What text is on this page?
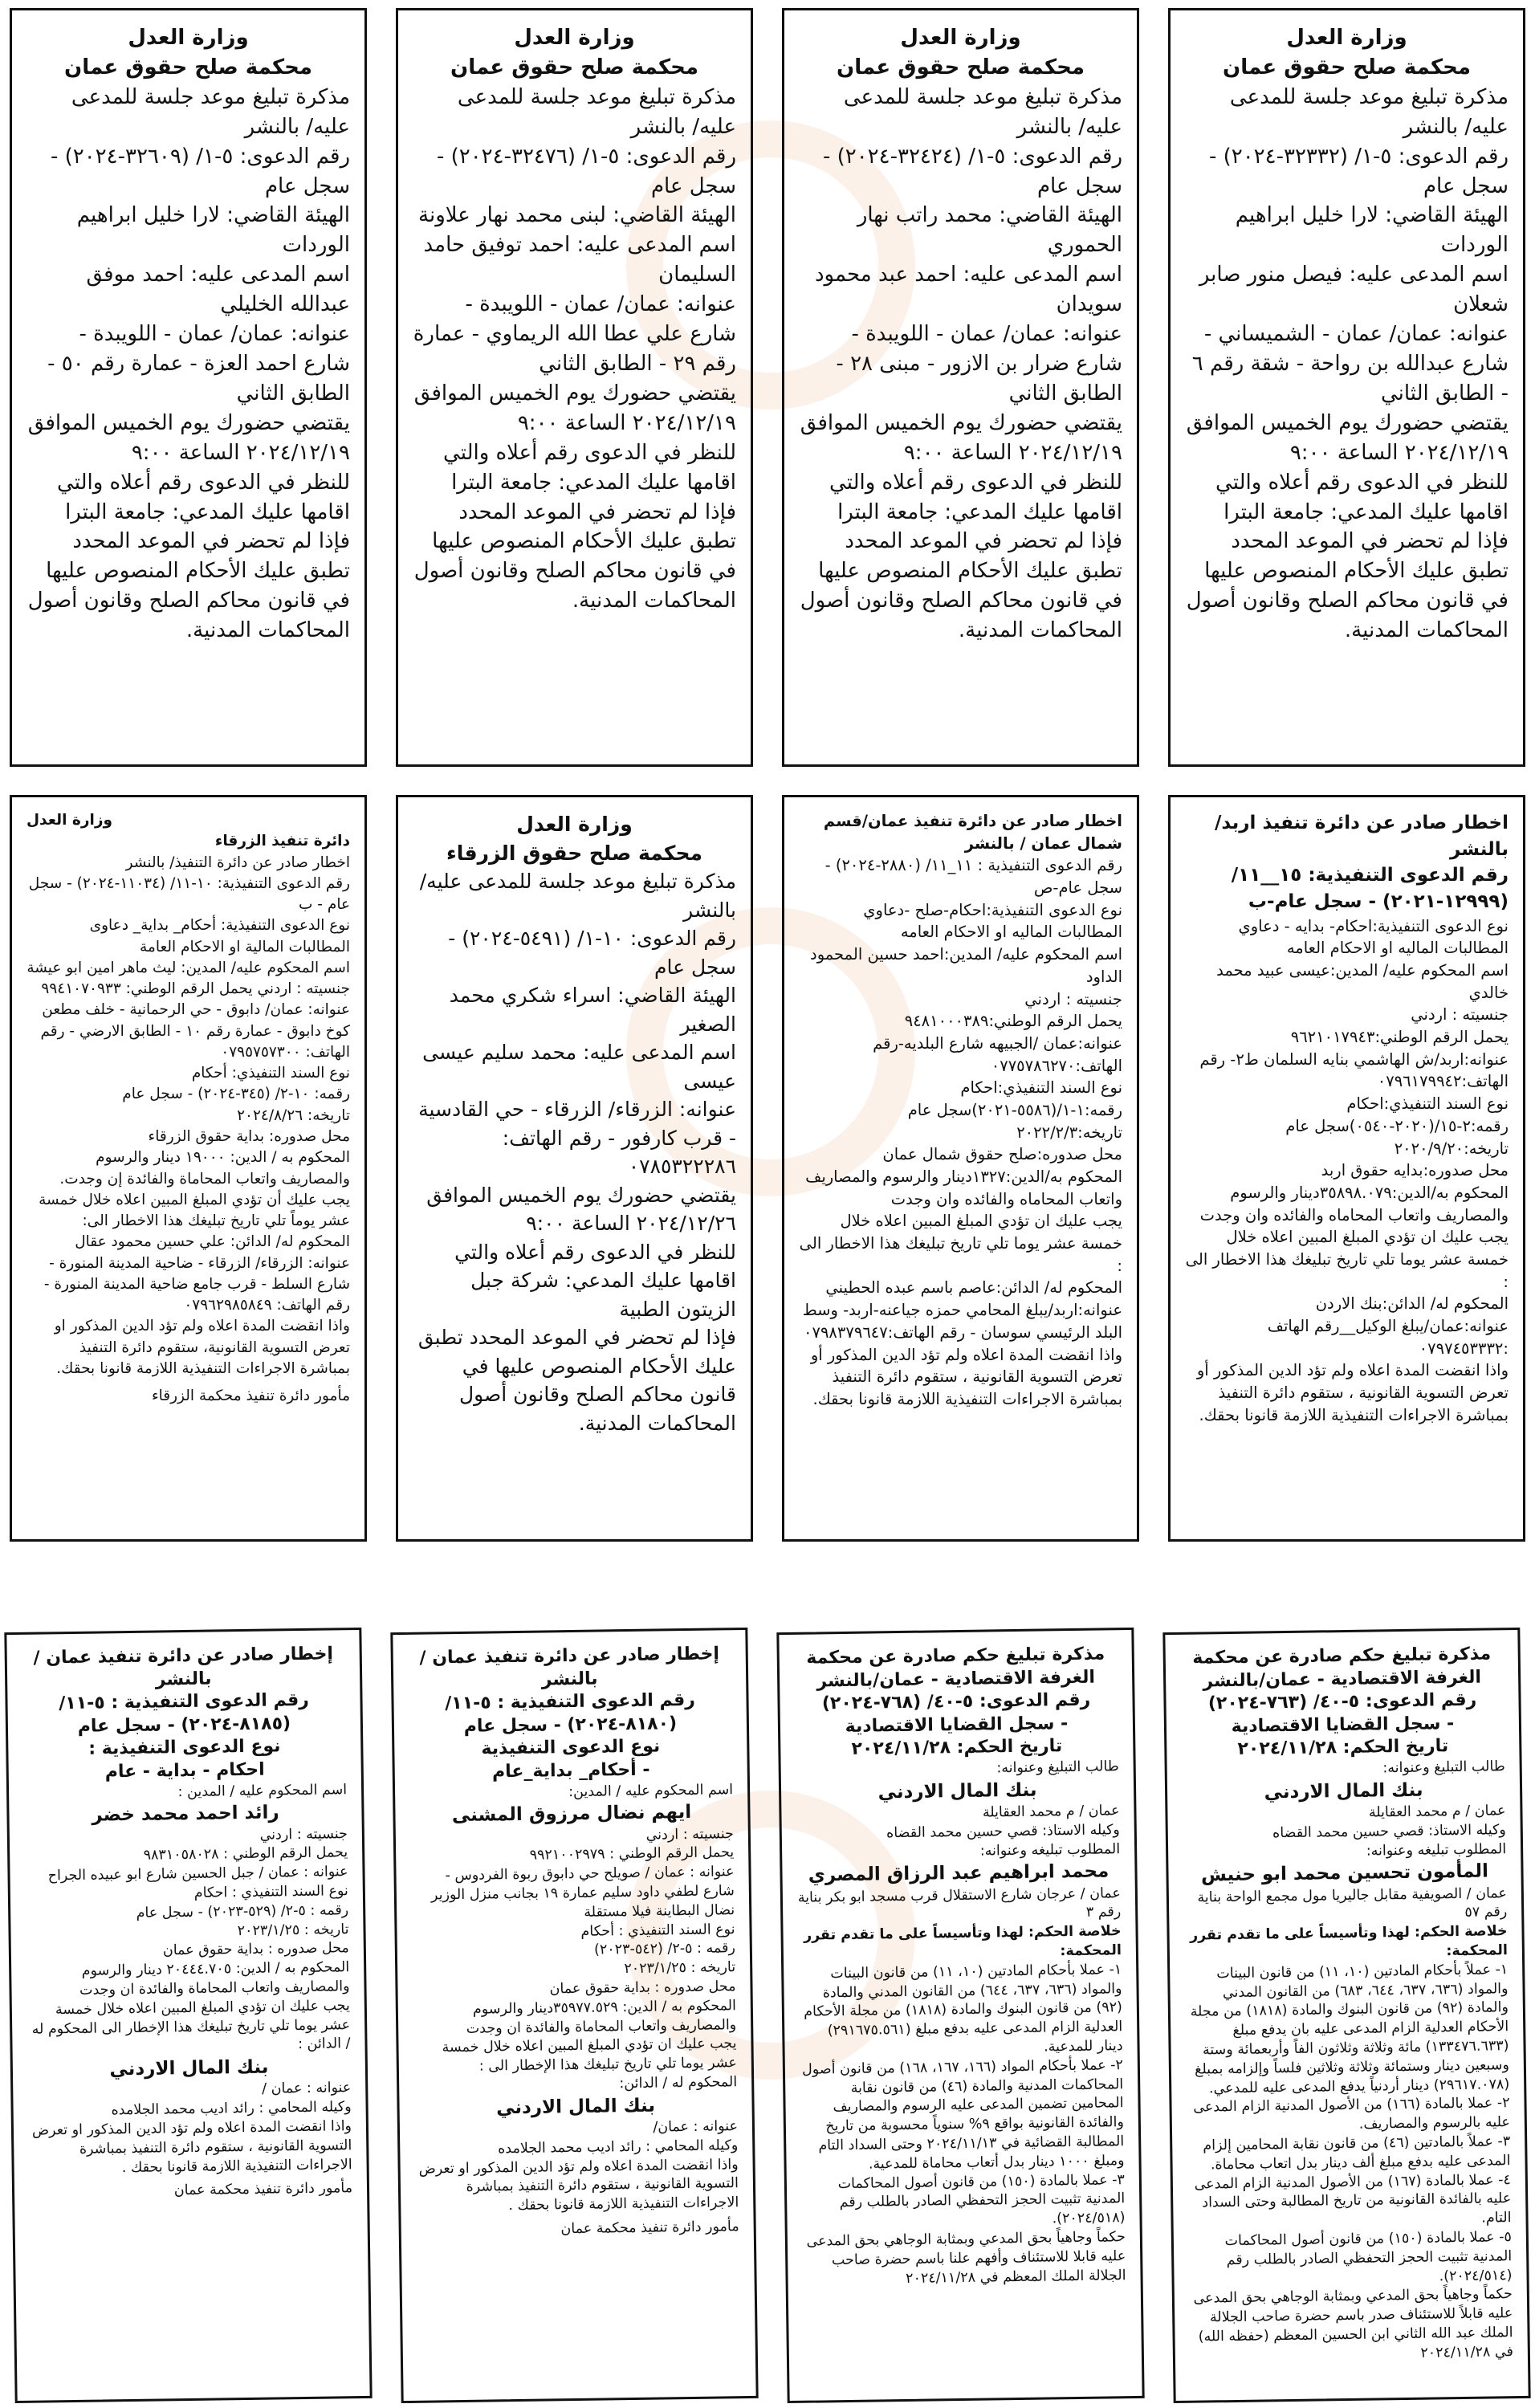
وزارة العدل
محكمة صلح حقوق عمان
مذكرة تبليغ موعد جلسة للمدعى عليه/ بالنشر
رقم الدعوى: ٥-١/ (٣٢٣٣٢-٢٠٢٤) - سجل عام
الهيئة القاضي: لارا خليل ابراهيم الوردات
اسم المدعى عليه: فيصل منور صابر شعلان
عنوانه: عمان/ عمان - الشميساني - شارع عبدالله بن رواحة - شقة رقم ٦ - الطابق الثاني
يقتضي حضورك يوم الخميس الموافق ٢٠٢٤/١٢/١٩ الساعة ٩:٠٠
للنظر في الدعوى رقم أعلاه والتي اقامها عليك المدعي: جامعة البترا
فإذا لم تحضر في الموعد المحدد تطبق عليك الأحكام المنصوص عليها في قانون محاكم الصلح وقانون أصول المحاكمات المدنية.
وزارة العدل
محكمة صلح حقوق عمان
مذكرة تبليغ موعد جلسة للمدعى عليه/ بالنشر
رقم الدعوى: ٥-١/ (٣٢٤٢٤-٢٠٢٤) - سجل عام
الهيئة القاضي: محمد راتب نهار الحموري
اسم المدعى عليه: احمد عبد محمود سويدان
عنوانه: عمان/ عمان - اللويبدة - شارع ضرار بن الازور - مبنى ٢٨ - الطابق الثاني
يقتضي حضورك يوم الخميس الموافق ٢٠٢٤/١٢/١٩ الساعة ٩:٠٠
للنظر في الدعوى رقم أعلاه والتي اقامها عليك المدعي: جامعة البترا
فإذا لم تحضر في الموعد المحدد تطبق عليك الأحكام المنصوص عليها في قانون محاكم الصلح وقانون أصول المحاكمات المدنية.
وزارة العدل
محكمة صلح حقوق عمان
مذكرة تبليغ موعد جلسة للمدعى عليه/ بالنشر
رقم الدعوى: ٥-١/ (٣٢٤٧٦-٢٠٢٤) - سجل عام
الهيئة القاضي: لبنى محمد نهار علاونة
اسم المدعى عليه: احمد توفيق حامد السليمان
عنوانه: عمان/ عمان - اللويبدة - شارع علي عطا الله الريماوي - عمارة رقم ٢٩ - الطابق الثاني
يقتضي حضورك يوم الخميس الموافق ٢٠٢٤/١٢/١٩ الساعة ٩:٠٠
للنظر في الدعوى رقم أعلاه والتي اقامها عليك المدعي: جامعة البترا
فإذا لم تحضر في الموعد المحدد تطبق عليك الأحكام المنصوص عليها في قانون محاكم الصلح وقانون أصول المحاكمات المدنية.
وزارة العدل
محكمة صلح حقوق عمان
مذكرة تبليغ موعد جلسة للمدعى عليه/ بالنشر
رقم الدعوى: ٥-١/ (٣٢٦٠٩-٢٠٢٤) - سجل عام
الهيئة القاضي: لارا خليل ابراهيم الوردات
اسم المدعى عليه: احمد موفق عبدالله الخليلي
عنوانه: عمان/ عمان - اللويبدة - شارع احمد العزة - عمارة رقم ٥٠ - الطابق الثاني
يقتضي حضورك يوم الخميس الموافق ٢٠٢٤/١٢/١٩ الساعة ٩:٠٠
للنظر في الدعوى رقم أعلاه والتي اقامها عليك المدعي: جامعة البترا
فإذا لم تحضر في الموعد المحدد تطبق عليك الأحكام المنصوص عليها في قانون محاكم الصلح وقانون أصول المحاكمات المدنية.
اخطار صادر عن دائرة تنفيذ اربد/ بالنشر
رقم الدعوى التنفيذية: ١٥__١١/ (١٢٩٩٩-٢٠٢١) - سجل عام-ب
نوع الدعوى التنفيذية:احكام- بدايه - دعاوي المطالبات الماليه او الاحكام العامه
اسم المحكوم عليه/ المدين:عيسى عبيد محمد خالدي
جنسيته : اردني
يحمل الرقم الوطني:٩٦٢١٠١٧٩٤٣
عنوانه:اربد/ش الهاشمي بنايه السلمان ط٢- رقم الهاتف:٠٧٩٦١٧٩٩٤٢
نوع السند التنفيذي:احكام
رقمه:٢-١٥/(٢٠٢٠-٠٥٤٠)سجل عام
تاريخه:٢٠٢٠/٩/٢٠
محل صدوره:بدايه حقوق اربد
المحكوم به/الدين:٣٥٨٩٨.٠٧٩دينار والرسوم والمصاريف واتعاب المحاماه والفائده وان وجدت
يجب عليك ان تؤدي المبلغ المبين اعلاه خلال خمسة عشر يوما تلي تاريخ تبليغك هذا الاخطار الى :
المحكوم له/ الدائن:بنك الاردن
عنوانه:عمان/يبلغ الوكيل__رقم الهاتف :٠٧٩٧٤٥٣٣٣٢
واذا انقضت المدة اعلاه ولم تؤد الدين المذكور أو تعرض التسوية القانونية ، ستقوم دائرة التنفيذ بمباشرة الاجراءات التنفيذية اللازمة قانونا بحقك.
اخطار صادر عن دائرة تنفيذ عمان/قسم شمال عمان / بالنشر
رقم الدعوى التنفيذية : ١١_١١/ (٢٨٨٠-٢٠٢٤) - سجل عام-ص
نوع الدعوى التنفيذية:احكام-صلح -دعاوي المطالبات الماليه او الاحكام العامه
اسم المحكوم عليه/ المدين:احمد حسين المحمود الداود
جنسيته : اردني
يحمل الرقم الوطني:٩٤٨١٠٠٠٣٨٩
عنوانه:عمان /الجبيهه شارع البلديه-رقم الهاتف:٠٧٧٥٧٨٦٢٧٠
نوع السند التنفيذي:احكام
رقمه:١-١/(٥٥٨٦-٢٠٢١)سجل عام
تاريخه:٢٠٢٢/٢/٣
محل صدوره:صلح حقوق شمال عمان
المحكوم به/الدين:١٣٢٧دينار والرسوم والمصاريف واتعاب المحاماه والفائده وان وجدت
يجب عليك ان تؤدي المبلغ المبين اعلاه خلال خمسة عشر يوما تلي تاريخ تبليغك هذا الاخطار الى :
المحكوم له/ الدائن:عاصم باسم عبده الحطيني
عنوانه:اربد/يبلغ المحامي حمزه جياعنه-اربد- وسط البلد الرئيسي سوسان - رقم الهاتف:٠٧٩٨٣٧٩٦٤٧
واذا انقضت المدة اعلاه ولم تؤد الدين المذكور أو تعرض التسوية القانونية ، ستقوم دائرة التنفيذ بمباشرة الاجراءات التنفيذية اللازمة قانونا بحقك.
وزارة العدل
محكمة صلح حقوق الزرقاء
مذكرة تبليغ موعد جلسة للمدعى عليه/ بالنشر
رقم الدعوى: ١٠-١/ (٥٤٩١-٢٠٢٤) - سجل عام
الهيئة القاضي: اسراء شكري محمد الصغير
اسم المدعى عليه: محمد سليم عيسى عيسى
عنوانه: الزرقاء/ الزرقاء - حي القادسية - قرب كارفور - رقم الهاتف: ٠٧٨٥٣٢٢٢٨٦
يقتضي حضورك يوم الخميس الموافق ٢٠٢٤/١٢/٢٦ الساعة ٩:٠٠
للنظر في الدعوى رقم أعلاه والتي اقامها عليك المدعي: شركة جبل الزيتون الطبية
فإذا لم تحضر في الموعد المحدد تطبق عليك الأحكام المنصوص عليها في قانون محاكم الصلح وقانون أصول المحاكمات المدنية.
وزارة العدل
دائرة تنفيذ الزرقاء
اخطار صادر عن دائرة التنفيذ/ بالنشر
رقم الدعوى التنفيذية: ١٠-١١/ (١١٠٣٤-٢٠٢٤) - سجل عام - ب
نوع الدعوى التنفيذية: أحكام_ بداية_ دعاوى المطالبات المالية او الاحكام العامة
اسم المحكوم عليه/ المدين: ليث ماهر امين ابو عيشة
جنسيته : اردني يحمل الرقم الوطني: ٩٩٤١٠٧٠٩٣٣
عنوانه: عمان/ دابوق - حي الرحمانية - خلف مطعن كوخ دابوق - عمارة رقم ١٠ - الطابق الارضي - رقم الهاتف: ٠٧٩٥٧٥٧٣٠٠
نوع السند التنفيذي: أحكام
رقمه: ١٠-٢/ (٣٤٥-٢٠٢٤) - سجل عام
تاريخه: ٢٠٢٤/٨/٢٦
محل صدوره: بداية حقوق الزرقاء
المحكوم به / الدين: ١٩٠٠٠ دينار والرسوم والمصاريف واتعاب المحاماة والفائدة إن وجدت.
يجب عليك أن تؤدي المبلغ المبين اعلاه خلال خمسة عشر يوماً تلي تاريخ تبليغك هذا الاخطار الى:
المحكوم له/ الدائن: علي حسين محمود عقال
عنوانه: الزرقاء/ الزرقاء - ضاحية المدينة المنورة - شارع السلط - قرب جامع ضاحية المدينة المنورة - رقم الهاتف: ٠٧٩٦٢٩٨٥٨٤٩
واذا انقضت المدة اعلاه ولم تؤد الدين المذكور او تعرض التسوية القانونية، ستقوم دائرة التنفيذ بمباشرة الاجراءات التنفيذية اللازمة قانونا بحقك.
مأمور دائرة تنفيذ محكمة الزرقاء
مذكرة تبليغ حكم صادرة عن محكمة الغرفة الاقتصادية - عمان/بالنشر
رقم الدعوى: ٥-٤٠/ (٧٦٣-٢٠٢٤)
- سجل القضايا الاقتصادية
تاريخ الحكم: ٢٠٢٤/١١/٢٨
طالب التبليغ وعنوانه:
بنك المال الاردني
عمان / م محمد العقايلة
وكيله الاستاذ: قصي حسين محمد القضاه
المطلوب تبليغه وعنوانه:
المأمون تحسين محمد ابو حنيش
عمان / الصويفية مقابل جاليريا مول مجمع الواحة بناية رقم ٥٧
خلاصة الحكم: لهذا وتأسيساً على ما تقدم تقرر المحكمة:
١- عملاً بأحكام المادتين (١٠، ١١) من قانون البينات والمواد (٦٣٦، ٦٣٧، ٦٤٤، ٦٨٣) من القانون المدني والمادة (٩٢) من قانون البنوك والمادة (١٨١٨) من مجلة الأحكام العدلية الزام المدعى عليه بان يدفع مبلغ (١٣٣٤٧٦.٦٣٣) مائة وثلاثة وثلاثون الفاً وأربعمائة وستة وسبعين دينار وستمائة وثلاثة وثلاثين فلساً وإلزامه بمبلغ (٢٩٦١٧.٠٧٨) دينار أردنياً يدفع المدعى عليه للمدعي.
٢- عملا بالمادة (١٦٦) من الأصول المدنية الزام المدعى عليه بالرسوم والمصاريف.
٣- عملاً بالمادتين (٤٦) من قانون نقابة المحامين إلزام المدعى عليه بدفع مبلغ ألف دينار بدل اتعاب محاماة.
٤- عملا بالمادة (١٦٧) من الأصول المدنية الزام المدعى عليه بالفائدة القانونية من تاريخ المطالبة وحتى السداد التام.
٥- عملا بالمادة (١٥٠) من قانون أصول المحاكمات المدنية تثبيت الحجز التحفظي الصادر بالطلب رقم (٢٠٢٤/٥١٤).
حكماً وجاهياً بحق المدعي وبمثابة الوجاهي بحق المدعى عليه قابلاً للاستئناف صدر باسم حضرة صاحب الجلالة الملك عبد الله الثاني ابن الحسين المعظم (حفظه الله) في ٢٠٢٤/١١/٢٨
مذكرة تبليغ حكم صادرة عن محكمة الغرفة الاقتصادية - عمان/بالنشر
رقم الدعوى: ٥-٤٠/ (٧٦٨-٢٠٢٤)
- سجل القضايا الاقتصادية
تاريخ الحكم: ٢٠٢٤/١١/٢٨
طالب التبليغ وعنوانه:
بنك المال الاردني
عمان / م محمد العقايلة
وكيله الاستاذ: قصي حسين محمد القضاه
المطلوب تبليغه وعنوانه:
محمد ابراهيم عبد الرزاق المصري
عمان / عرجان شارع الاستقلال قرب مسجد ابو بكر بناية رقم ٣
خلاصة الحكم: لهذا وتأسيساً على ما تقدم تقرر المحكمة:
١- عملا بأحكام المادتين (١٠، ١١) من قانون البينات والمواد (٦٣٦، ٦٣٧، ٦٤٤) من القانون المدني والمادة (٩٢) من قانون البنوك والمادة (١٨١٨) من مجلة الأحكام العدلية الزام المدعى عليه بدفع مبلغ (٢٩١٦٧٥.٥٦١) دينار للمدعية.
٢- عملا بأحكام المواد (١٦٦، ١٦٧، ١٦٨) من قانون أصول المحاكمات المدنية والمادة (٤٦) من قانون نقابة المحامين تضمين المدعى عليه الرسوم والمصاريف والفائدة القانونية بواقع ٩% سنوياً محسوبة من تاريخ المطالبة القضائية في ٢٠٢٤/١١/١٣ وحتى السداد التام ومبلغ ١٠٠٠ دينار بدل أتعاب محاماة للمدعية.
٣- عملا بالمادة (١٥٠) من قانون أصول المحاكمات المدنية تثبيت الحجز التحفظي الصادر بالطلب رقم (٢٠٢٤/٥١٨).
حكماً وجاهياً بحق المدعي وبمثابة الوجاهي بحق المدعى عليه قابلا للاستئناف وأفهم علنا باسم حضرة صاحب الجلالة الملك المعظم في ٢٠٢٤/١١/٢٨
إخطار صادر عن دائرة تنفيذ عمان / بالنشر
رقم الدعوى التنفيذية : ٥-١١/ (٨١٨٠-٢٠٢٤) - سجل عام
نوع الدعوى التنفيذية
- أحكام_ بداية_عام
اسم المحكوم عليه / المدين:
ايهم نضال مرزوق المشنى
جنسيته : اردني
يحمل الرقم الوطني : ٩٩٢١٠٠٢٩٧٩
عنوانه : عمان / صويلح حي دابوق ربوة الفردوس - شارع لطفي داود سليم عمارة ١٩ بجانب منزل الوزير نضال البطاينة فيلا مستقلة
نوع السند التنفيذي : أحكام
رقمه : ٥-٢/ (٥٤٢-٢٠٢٣)
تاريخه : ٢٠٢٣/١/٢٥
محل صدوره : بداية حقوق عمان
المحكوم به / الدين: ٣٥٩٧٧.٥٢٩دينار والرسوم والمصاريف واتعاب المحاماة والفائدة ان وجدت
يجب عليك ان تؤدي المبلغ المبين اعلاه خلال خمسة عشر يوما تلي تاريخ تبليغك هذا الإخطار الى :
المحكوم له / الدائن:
بنك المال الاردني
عنوانه : عمان/
وكيله المحامي : رائد اديب محمد الجلامده
واذا انقضت المدة اعلاه ولم تؤد الدين المذكور او تعرض التسوية القانونية ، ستقوم دائرة التنفيذ بمباشرة الاجراءات التنفيذية اللازمة قانونا بحقك .
مأمور دائرة تنفيذ محكمة عمان
إخطار صادر عن دائرة تنفيذ عمان / بالنشر
رقم الدعوى التنفيذية : ٥-١١/ (٨١٨٥-٢٠٢٤) - سجل عام
نوع الدعوى التنفيذية :
احكام - بداية - عام
اسم المحكوم عليه / المدين :
رائد احمد محمد خضر
جنسيته : اردني
يحمل الرقم الوطني : ٩٨٣١٠٥٨٠٢٨
عنوانه : عمان / جبل الحسين شارع ابو عبيده الجراح
نوع السند التنفيذي : احكام
رقمه : ٥-٢/ (٥٢٩-٢٠٢٣) - سجل عام
تاريخه : ٢٠٢٣/١/٢٥
محل صدوره : بداية حقوق عمان
المحكوم به / الدين: ٢٠٤٤٤.٧٠٥ دينار والرسوم والمصاريف واتعاب المحاماة والفائدة ان وجدت
يجب عليك ان تؤدي المبلغ المبين اعلاه خلال خمسة عشر يوما تلي تاريخ تبليغك هذا الإخطار الى المحكوم له / الدائن :
بنك المال الاردني
عنوانه : عمان /
وكيله المحامي : رائد اديب محمد الجلامده
واذا انقضت المدة اعلاه ولم تؤد الدين المذكور او تعرض التسوية القانونية ، ستقوم دائرة التنفيذ بمباشرة الاجراءات التنفيذية اللازمة قانونا بحقك .
مأمور دائرة تنفيذ محكمة عمان
